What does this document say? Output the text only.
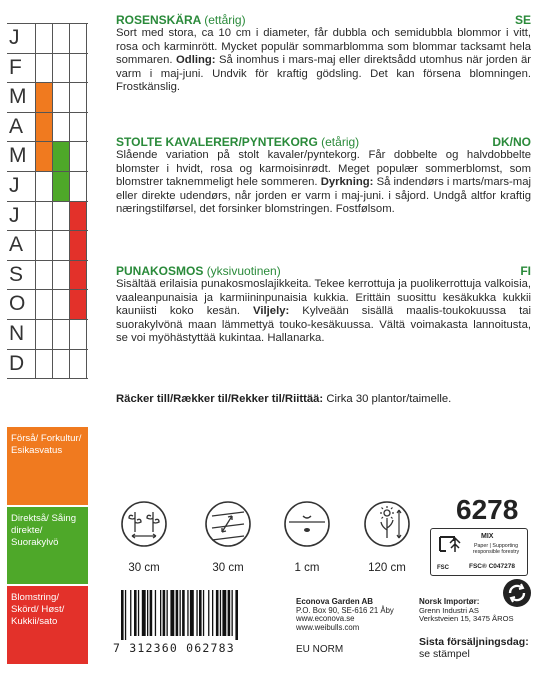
J
F
M
A
M
J
J
A
S
O
N
D
Förså/ Forkultur/ Esikasvatus
Direktså/ Såing direkte/ Suorakylvö
Blomstring/ Skörd/ Høst/ Kukkii/sato
ROSENSKÄRA (ettårig)	SE
Sort med stora, ca 10 cm i diameter, får dubbla och semidubbla blommor i vitt, rosa och karminrött. Mycket populär sommarblomma som blommar tacksamt hela sommaren. Odling: Så inomhus i mars-maj eller direktsådd utomhus när jorden är varm i maj-juni. Undvik för kraftig gödsling. Det kan försena blomningen. Frostkänslig.
STOLTE KAVALERER/PYNTEKORG (etårig)	DK/NO
Slående variation på stolt kavaler/pyntekorg. Får dobbelte og halvdobbelte blomster i hvidt, rosa og karmoisinrødt. Meget populær sommerblomst, som blomstrer taknemmeligt hele sommeren. Dyrkning: Så indendørs i marts/mars-maj eller direkte udendørs, når jorden er varm i maj-juni. i såjord. Undgå altfor kraftig næringstilførsel, det forsinker blomstringen. Fostfølsom.
PUNAKOSMOS (yksivuotinen)	FI
Sisältää erilaisia punakosmoslajikkeita. Tekee kerrottuja ja puolikerrottuja valkoisia, vaaleanpunaisia ja karmiininpunaisia kukkia. Erittäin suosittu kesäkukka kukkii kauniisti koko kesän. Viljely: Kylveään sisällä maalis-toukokuussa tai suorakylvönä maan lämmettyä touko-kesäkuussa. Vältä voimakasta lannoitusta, se voi myöhästyttää kukintaa. Hallanarka.
Räcker till/Rækker til/Rekker til/Riittää: Cirka 30 plantor/taimelle.
30 cm	30 cm	1 cm	120 cm
6278
FSC
MIX
Paper | Supporting responsible forestry
FSC® C047278
7 312360 062783
Econova Garden AB
P.O. Box 90, SE-616 21 Åby
www.econova.se
www.weibulls.com
EU NORM
Norsk Importør:
Grenn Industri AS
Verkstveien 15, 3475 ÅROS
Sista försäljningsdag:
se stämpel
